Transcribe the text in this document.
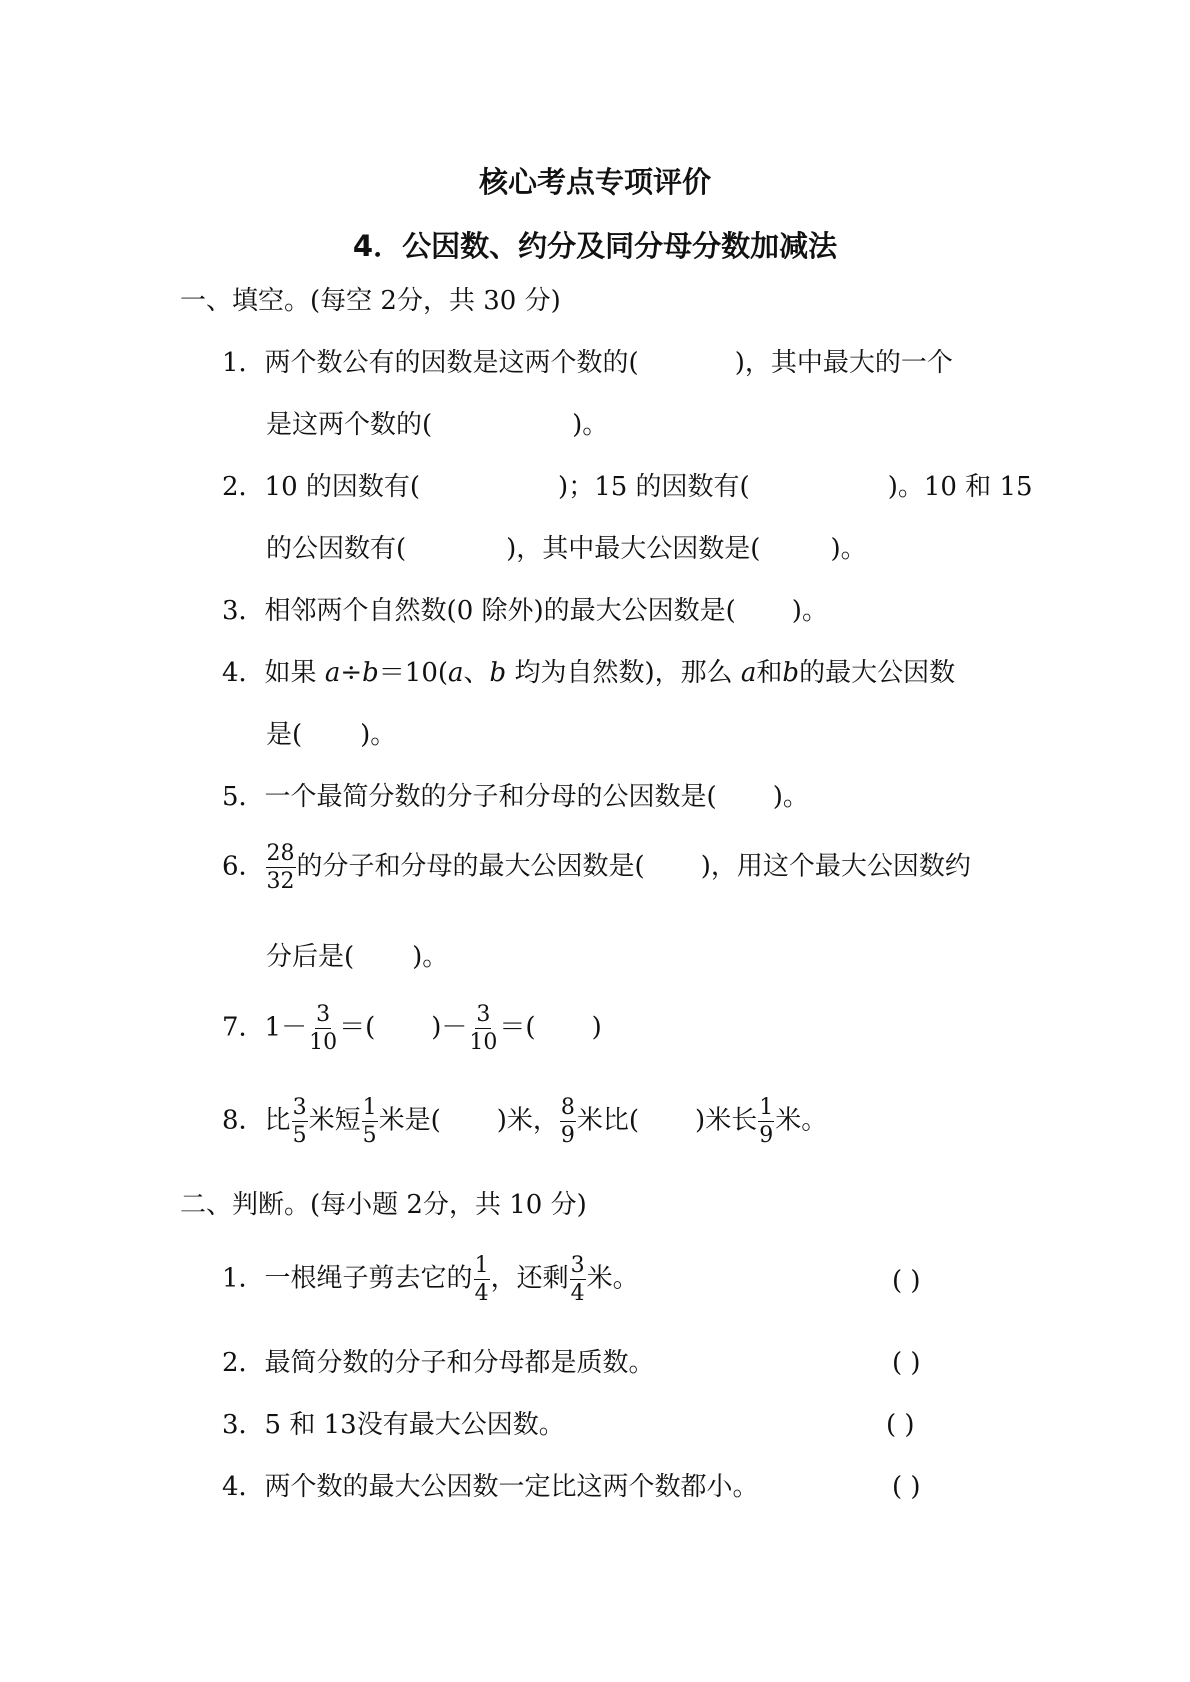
核心考点专项评价
4．公因数、约分及同分母分数加减法
一、填空。(每空 2分，共 30 分)
1．两个数公有的因数是这两个数的(	)，其中最大的一个
是这两个数的(	)。
2．10 的因数有(	)；15 的因数有(	)。10 和 15
的公因数有(	)，其中最大公因数是(	)。
3．相邻两个自然数(0 除外)的最大公因数是( )。
4．如果 a÷b＝10(a、b 均为自然数)，那么 a和b的最大公因数
是( )。
5．一个最简分数的分子和分母的公因数是( )。
6． $\frac{28}{32}$ 的分子和分母的最大公因数是( )，用这个最大公因数约
分后是( )。
7．$1- \frac{3}{10}$ ＝( )－ $\frac{3}{10}$ ＝( )
8．比 $\frac{3}{5}$ 米短 $\frac{1}{5}$ 米是( )米， $\frac{8}{9}$ 米比( )米长 $\frac{1}{9}$ 米。
二、判断。(每小题 2分，共 10 分)
1．一根绳子剪去它的 $\frac{1}{4}$ ，还剩 $\frac{3}{4}$ 米。	( )
2．最简分数的分子和分母都是质数。	( )
3．5 和 13没有最大公因数。	( )
4．两个数的最大公因数一定比这两个数都小。	( )
